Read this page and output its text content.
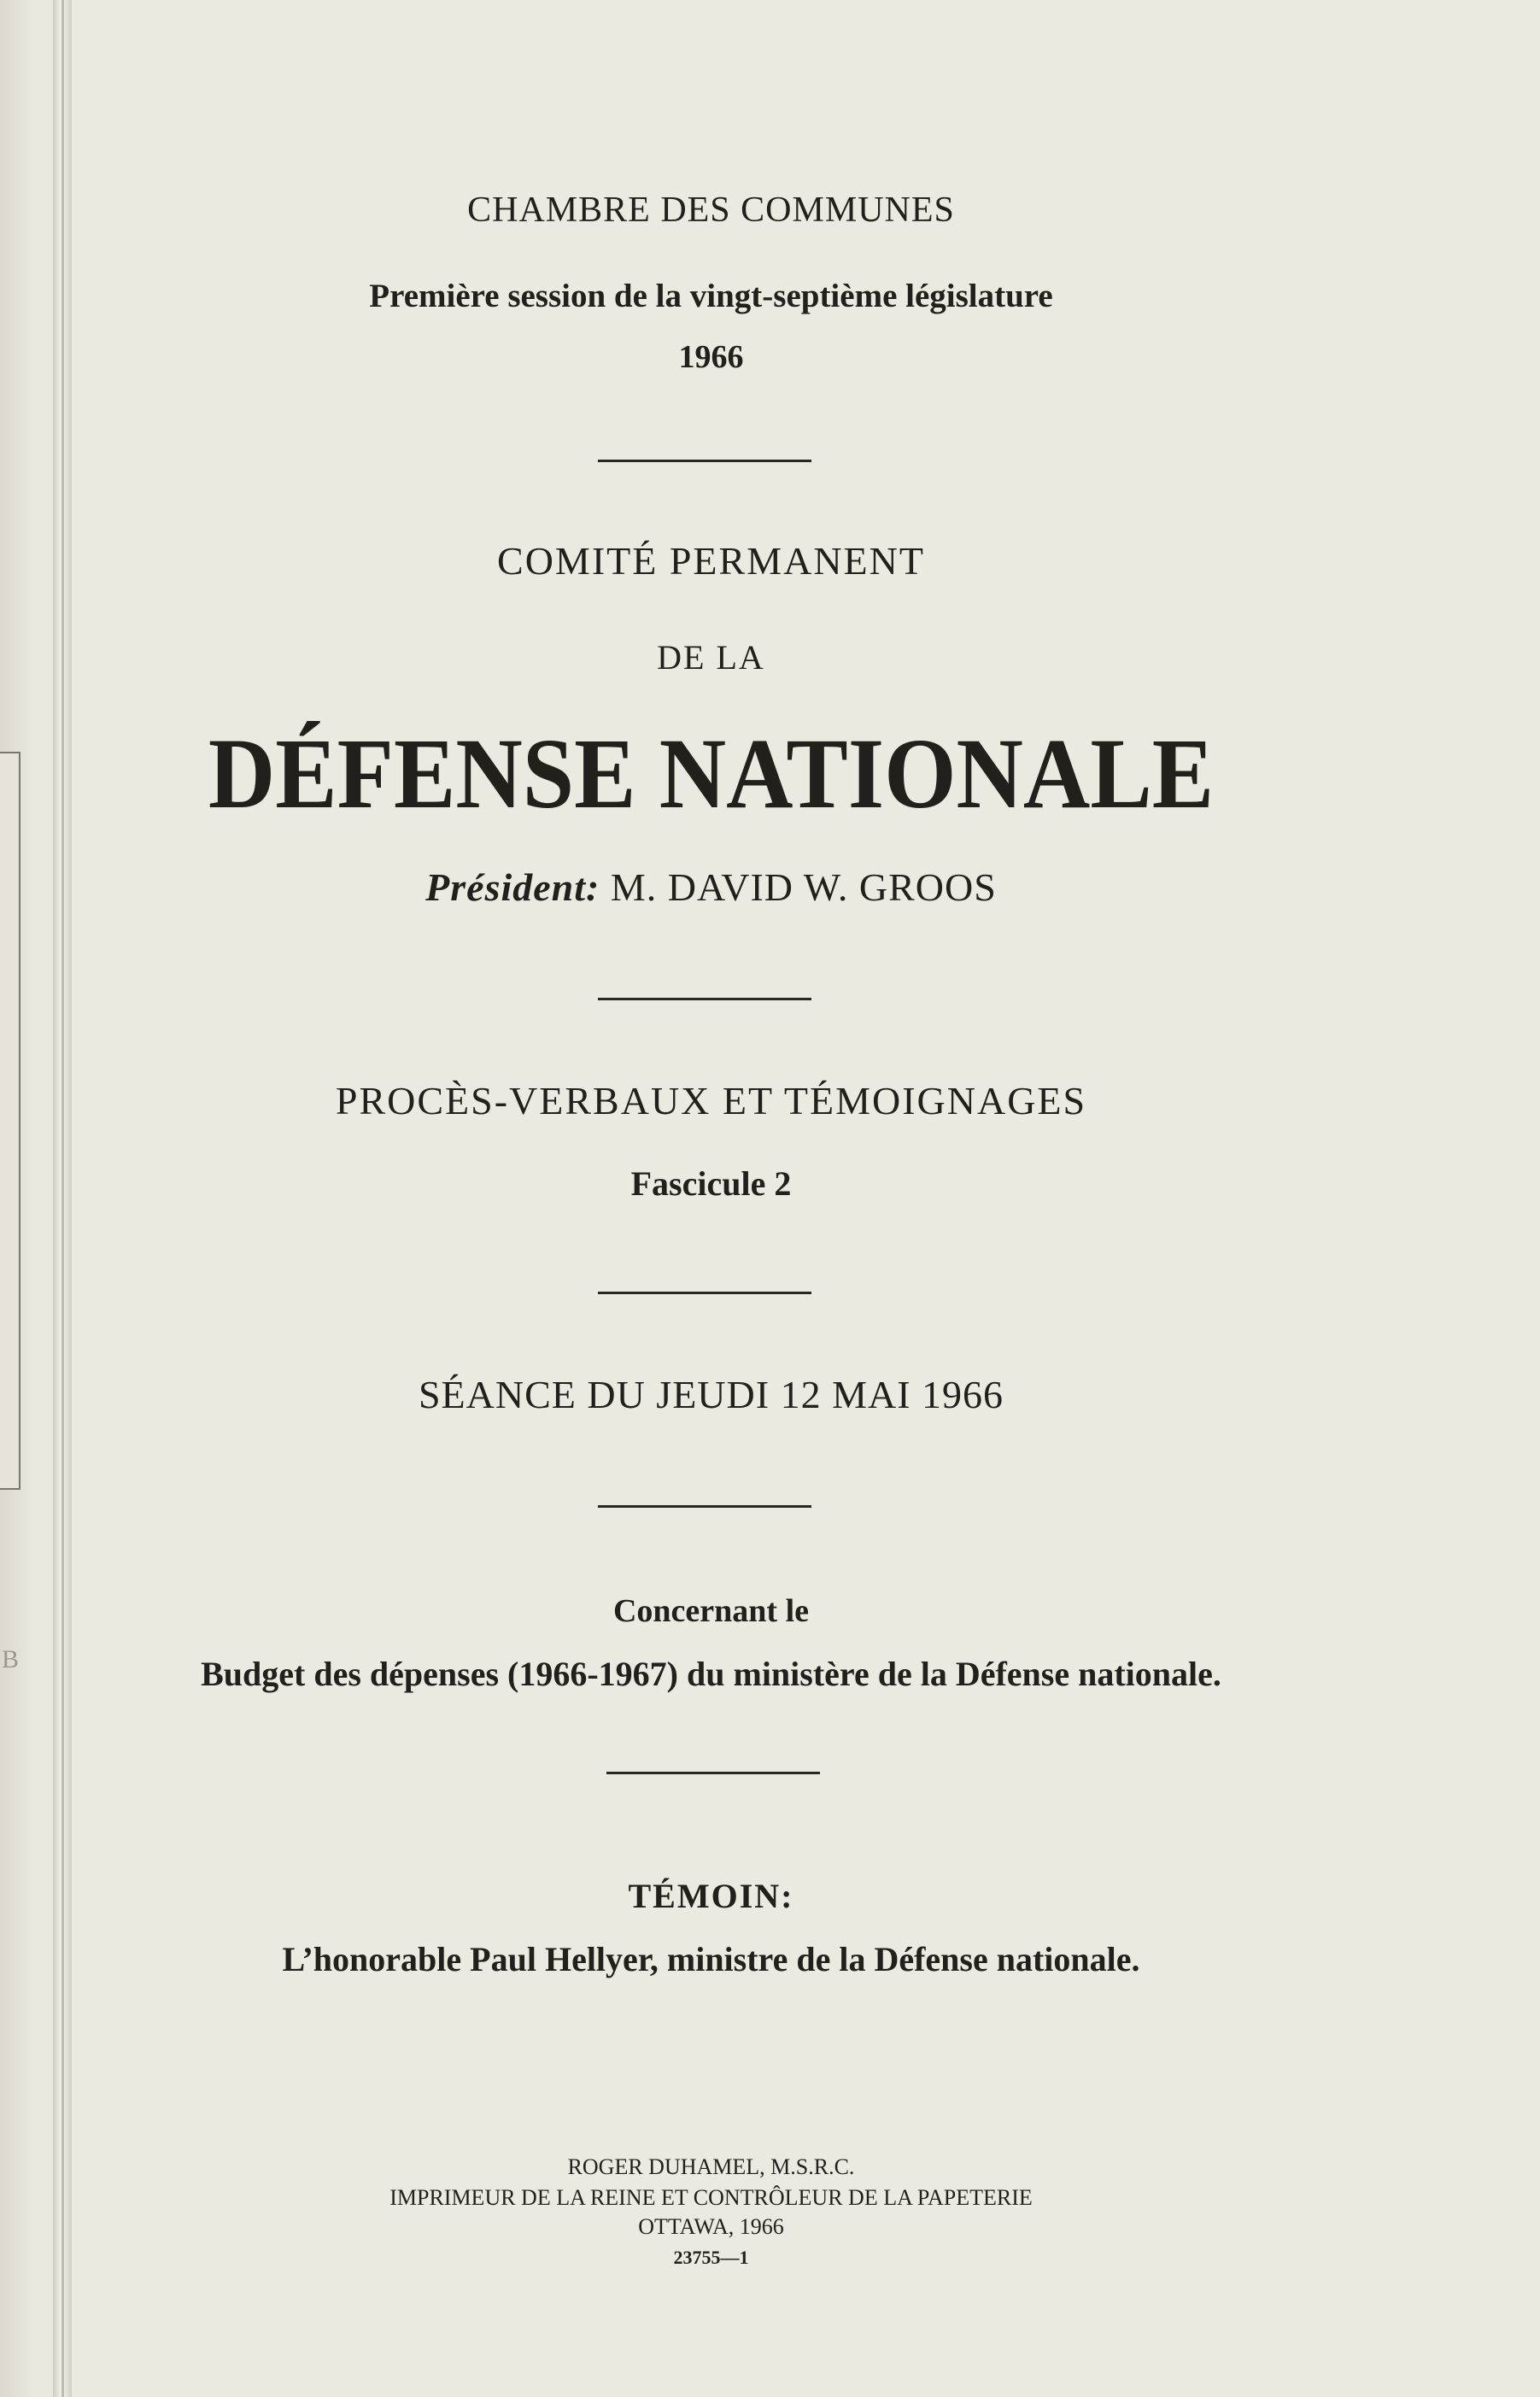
B
CHAMBRE DES COMMUNES
Première session de la vingt-septième législature
1966
COMITÉ PERMANENT
DE LA
DÉFENSE NATIONALE
Président: M. DAVID W. GROOS
PROCÈS-VERBAUX ET TÉMOIGNAGES
Fascicule 2
SÉANCE DU JEUDI 12 MAI 1966
Concernant le
Budget des dépenses (1966-1967) du ministère de la Défense nationale.
TÉMOIN:
L’honorable Paul Hellyer, ministre de la Défense nationale.
ROGER DUHAMEL, M.S.R.C.
IMPRIMEUR DE LA REINE ET CONTRÔLEUR DE LA PAPETERIE
OTTAWA, 1966
23755—1
